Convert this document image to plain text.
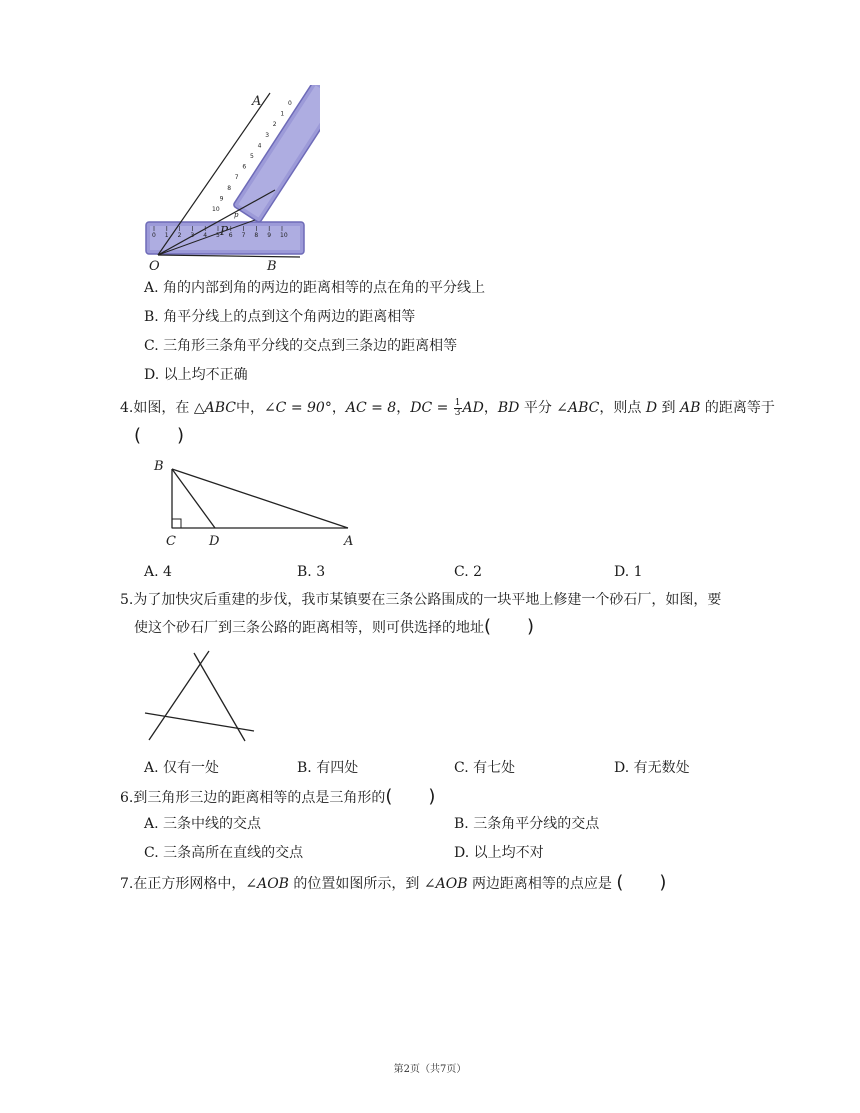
0 1 2 3 4 5 6 7 8 9 10
0
1
2
3
4
5
6
7
8
9
10
A
p
P
O	B
A. 角的内部到角的两边的距离相等的点在角的平分线上
B. 角平分线上的点到这个角两边的距离相等
C. 三角形三条角平分线的交点到三条边的距离相等
D. 以上均不正确
4.如图，在 △ABC中，∠C = 90°，AC = 8，DC = $\frac{1}{3}$ AD，BD 平分 ∠ABC，则点 D 到 AB 的距离等于
(　　)
B
C	D	A
A. 4	B. 3	C. 2	D. 1
5.为了加快灾后重建的步伐，我市某镇要在三条公路围成的一块平地上修建一个砂石厂，如图，要
使这个砂石厂到三条公路的距离相等，则可供选择的地址(　　)
A. 仅有一处	B. 有四处	C. 有七处	D. 有无数处
6.到三角形三边的距离相等的点是三角形的(　　)
A. 三条中线的交点	B. 三条角平分线的交点
C. 三条高所在直线的交点	D. 以上均不对
7.在正方形网格中，∠AOB 的位置如图所示，到 ∠AOB 两边距离相等的点应是 (　　)
第2页（共7页）
